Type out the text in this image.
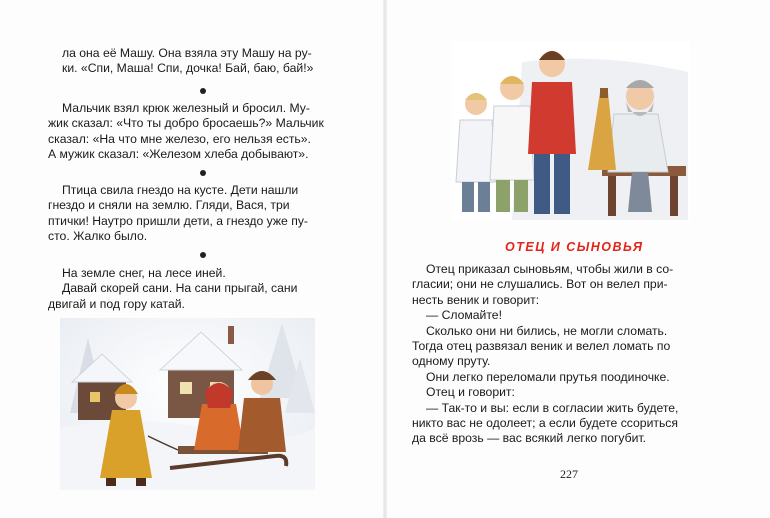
ла она её Машу. Она взяла эту Машу на ру-

ки. «Спи, Маша! Спи, дочка! Бай, баю, бай!»

Мальчик взял крюк железный и бросил. Му-

жик сказал: «Что ты добро бросаешь?» Мальчик

сказал: «На что мне железо, его нельзя есть».

А мужик сказал: «Железом хлеба добывают».

Птица свила гнездо на кусте. Дети нашли

гнездо и сняли на землю. Гляди, Вася, три

птички! Наутро пришли дети, а гнездо уже пу-

сто. Жалко было.

На земле снег, на лесе иней.

Давай скорей сани. На сани прыгай, сани

двигай и под гору катай.

ОТЕЦ И СЫНОВЬЯ

Отец приказал сыновьям, чтобы жили в со-

гласии; они не слушались. Вот он велел при-

несть веник и говорит:

— Сломайте!

Сколько они ни бились, не могли сломать.

Тогда отец развязал веник и велел ломать по

одному пруту.

Они легко переломали прутья поодиночке.

Отец и говорит:

— Так-то и вы: если в согласии жить будете,

никто вас не одолеет; а если будете ссориться

да всё врозь — вас всякий легко погубит.

227
